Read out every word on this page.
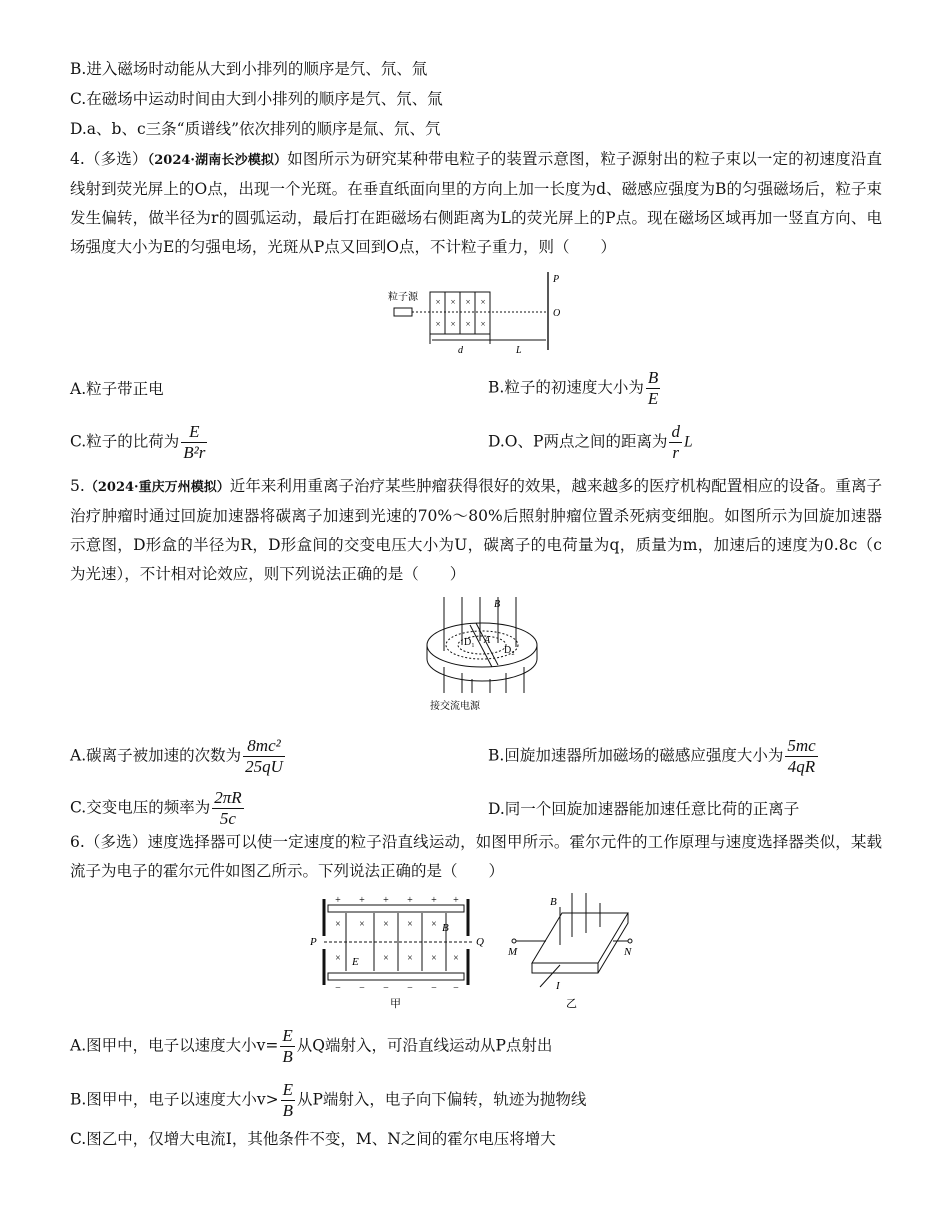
B.进入磁场时动能从大到小排列的顺序是氕、氘、氚
C.在磁场中运动时间由大到小排列的顺序是氕、氘、氚
D.a、b、c三条“质谱线”依次排列的顺序是氚、氘、氕
4.（多选）（2024·湖南长沙模拟）如图所示为研究某种带电粒子的装置示意图，粒子源射出的粒子束以一定的初速度沿直线射到荧光屏上的O点，出现一个光斑。在垂直纸面向里的方向上加一长度为d、磁感应强度为B的匀强磁场后，粒子束发生偏转，做半径为r的圆弧运动，最后打在距磁场右侧距离为L的荧光屏上的P点。现在磁场区域再加一竖直方向、电场强度大小为E的匀强电场，光斑从P点又回到O点，不计粒子重力，则（　　）
粒子源 × × × ×
× × × ×
P
O
d	L
A.粒子带正电	B.粒子的初速度大小为 $\frac{B}{E}$
C.粒子的比荷为 $\frac{E}{\text{B²r}}$	D.O、P两点之间的距离为 $\frac{d}{r}$ L
5.（2024·重庆万州模拟）近年来利用重离子治疗某些肿瘤获得很好的效果，越来越多的医疗机构配置相应的设备。重离子治疗肿瘤时通过回旋加速器将碳离子加速到光速的70%～80%后照射肿瘤位置杀死病变细胞。如图所示为回旋加速器示意图，D形盒的半径为R，D形盒间的交变电压大小为U，碳离子的电荷量为q，质量为m，加速后的速度为0.8c（c为光速），不计相对论效应，则下列说法正确的是（　　）
B
D₁ A
D₂
接交流电源
A.碳离子被加速的次数为 $\frac{\text{8mc²}}{25qU}$	B.回旋加速器所加磁场的磁感应强度大小为 $\frac{5mc}{4qR}$
C.交变电压的频率为 $\frac{2\pi R}{5c}$	D.同一个回旋加速器能加速任意比荷的正离子
6.（多选）速度选择器可以使一定速度的粒子沿直线运动，如图甲所示。霍尔元件的工作原理与速度选择器类似，某载流子为电子的霍尔元件如图乙所示。下列说法正确的是（　　）
+ + + + + +
− − − − − −
× × × × ×
×	× × × ×
P	Q
B
E
甲
B
M	N
I
乙
A.图甲中，电子以速度大小$v= \frac{E}{B}$ 从Q端射入，可沿直线运动从P点射出
B.图甲中，电子以速度大小$v> \frac{E}{B}$ 从P端射入，电子向下偏转，轨迹为抛物线
C.图乙中，仅增大电流I，其他条件不变，M、N之间的霍尔电压将增大
